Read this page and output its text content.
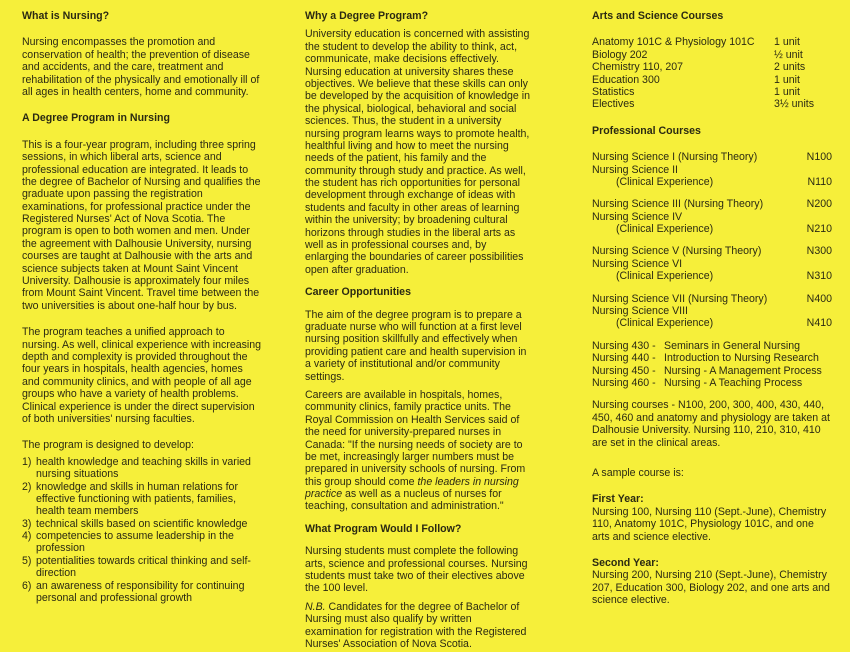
What is Nursing?

Nursing encompasses the promotion and conservation of health; the prevention of disease and accidents, and the care, treatment and rehabilitation of the physically and emotionally ill of all ages in health centers, home and community.

A Degree Program in Nursing

This is a four-year program, including three spring sessions, in which liberal arts, science and professional education are integrated. It leads to the degree of Bachelor of Nursing and qualifies the graduate upon passing the registration examinations, for professional practice under the Registered Nurses' Act of Nova Scotia. The program is open to both women and men. Under the agreement with Dalhousie University, nursing courses are taught at Dalhousie with the arts and science subjects taken at Mount Saint Vincent University. Dalhousie is approximately four miles from Mount Saint Vincent. Travel time between the two universities is about one-half hour by bus.

The program teaches a unified approach to nursing. As well, clinical experience with increasing depth and complexity is provided throughout the four years in hospitals, health agencies, homes and community clinics, and with people of all age groups who have a variety of health problems. Clinical experience is under the direct supervision of both universities' nursing faculties.

The program is designed to develop:

1) health knowledge and teaching skills in varied nursing situations
2) knowledge and skills in human relations for effective functioning with patients, families, health team members
3) technical skills based on scientific knowledge
4) competencies to assume leadership in the profession
5) potentialities towards critical thinking and self-direction
6) an awareness of responsibility for continuing personal and professional growth
Why a Degree Program?

University education is concerned with assisting the student to develop the ability to think, act, communicate, make decisions effectively. Nursing education at university shares these objectives. We believe that these skills can only be developed by the acquisition of knowledge in the physical, biological, behavioral and social sciences. Thus, the student in a university nursing program learns ways to promote health, healthful living and how to meet the nursing needs of the patient, his family and the community through study and practice. As well, the student has rich opportunities for personal development through exchange of ideas with students and faculty in other areas of learning within the university; by broadening cultural horizons through studies in the liberal arts as well as in professional courses and, by enlarging the boundaries of career possibilities open after graduation.

Career Opportunities

The aim of the degree program is to prepare a graduate nurse who will function at a first level nursing position skillfully and effectively when providing patient care and health supervision in a variety of institutional and/or community settings.

Careers are available in hospitals, homes, community clinics, family practice units. The Royal Commission on Health Services said of the need for university-prepared nurses in Canada: "If the nursing needs of society are to be met, increasingly larger numbers must be prepared in university schools of nursing. From this group should come the leaders in nursing practice as well as a nucleus of nurses for teaching, consultation and administration."

What Program Would I Follow?

Nursing students must complete the following arts, science and professional courses. Nursing students must take two of their electives above the 100 level.

N.B. Candidates for the degree of Bachelor of Nursing must also qualify by written examination for registration with the Registered Nurses' Association of Nova Scotia.

Arts and Science Courses
Anatomy 101C & Physiology 101C	1 unit
Biology 202	½ unit
Chemistry 110, 207	2 units
Education 300	1 unit
Statistics	1 unit
Electives	3½ units
Professional Courses
Nursing Science I (Nursing Theory)	N100
Nursing Science II
(Clinical Experience)	N110
Nursing Science III (Nursing Theory)	N200
Nursing Science IV
(Clinical Experience)	N210
Nursing Science V (Nursing Theory)	N300
Nursing Science VI
(Clinical Experience)	N310
Nursing Science VII (Nursing Theory)	N400
Nursing Science VIII
(Clinical Experience)	N410
Nursing 430 - Seminars in General Nursing
Nursing 440 - Introduction to Nursing Research
Nursing 450 - Nursing - A Management Process
Nursing 460 - Nursing - A Teaching Process

Nursing courses - N100, 200, 300, 400, 430, 440, 450, 460 and anatomy and physiology are taken at Dalhousie University. Nursing 110, 210, 310, 410 are set in the clinical areas.

A sample course is:

First Year:

Nursing 100, Nursing 110 (Sept.-June), Chemistry 110, Anatomy 101C, Physiology 101C, and one arts and science elective.

Second Year:

Nursing 200, Nursing 210 (Sept.-June), Chemistry 207, Education 300, Biology 202, and one arts and science elective.
